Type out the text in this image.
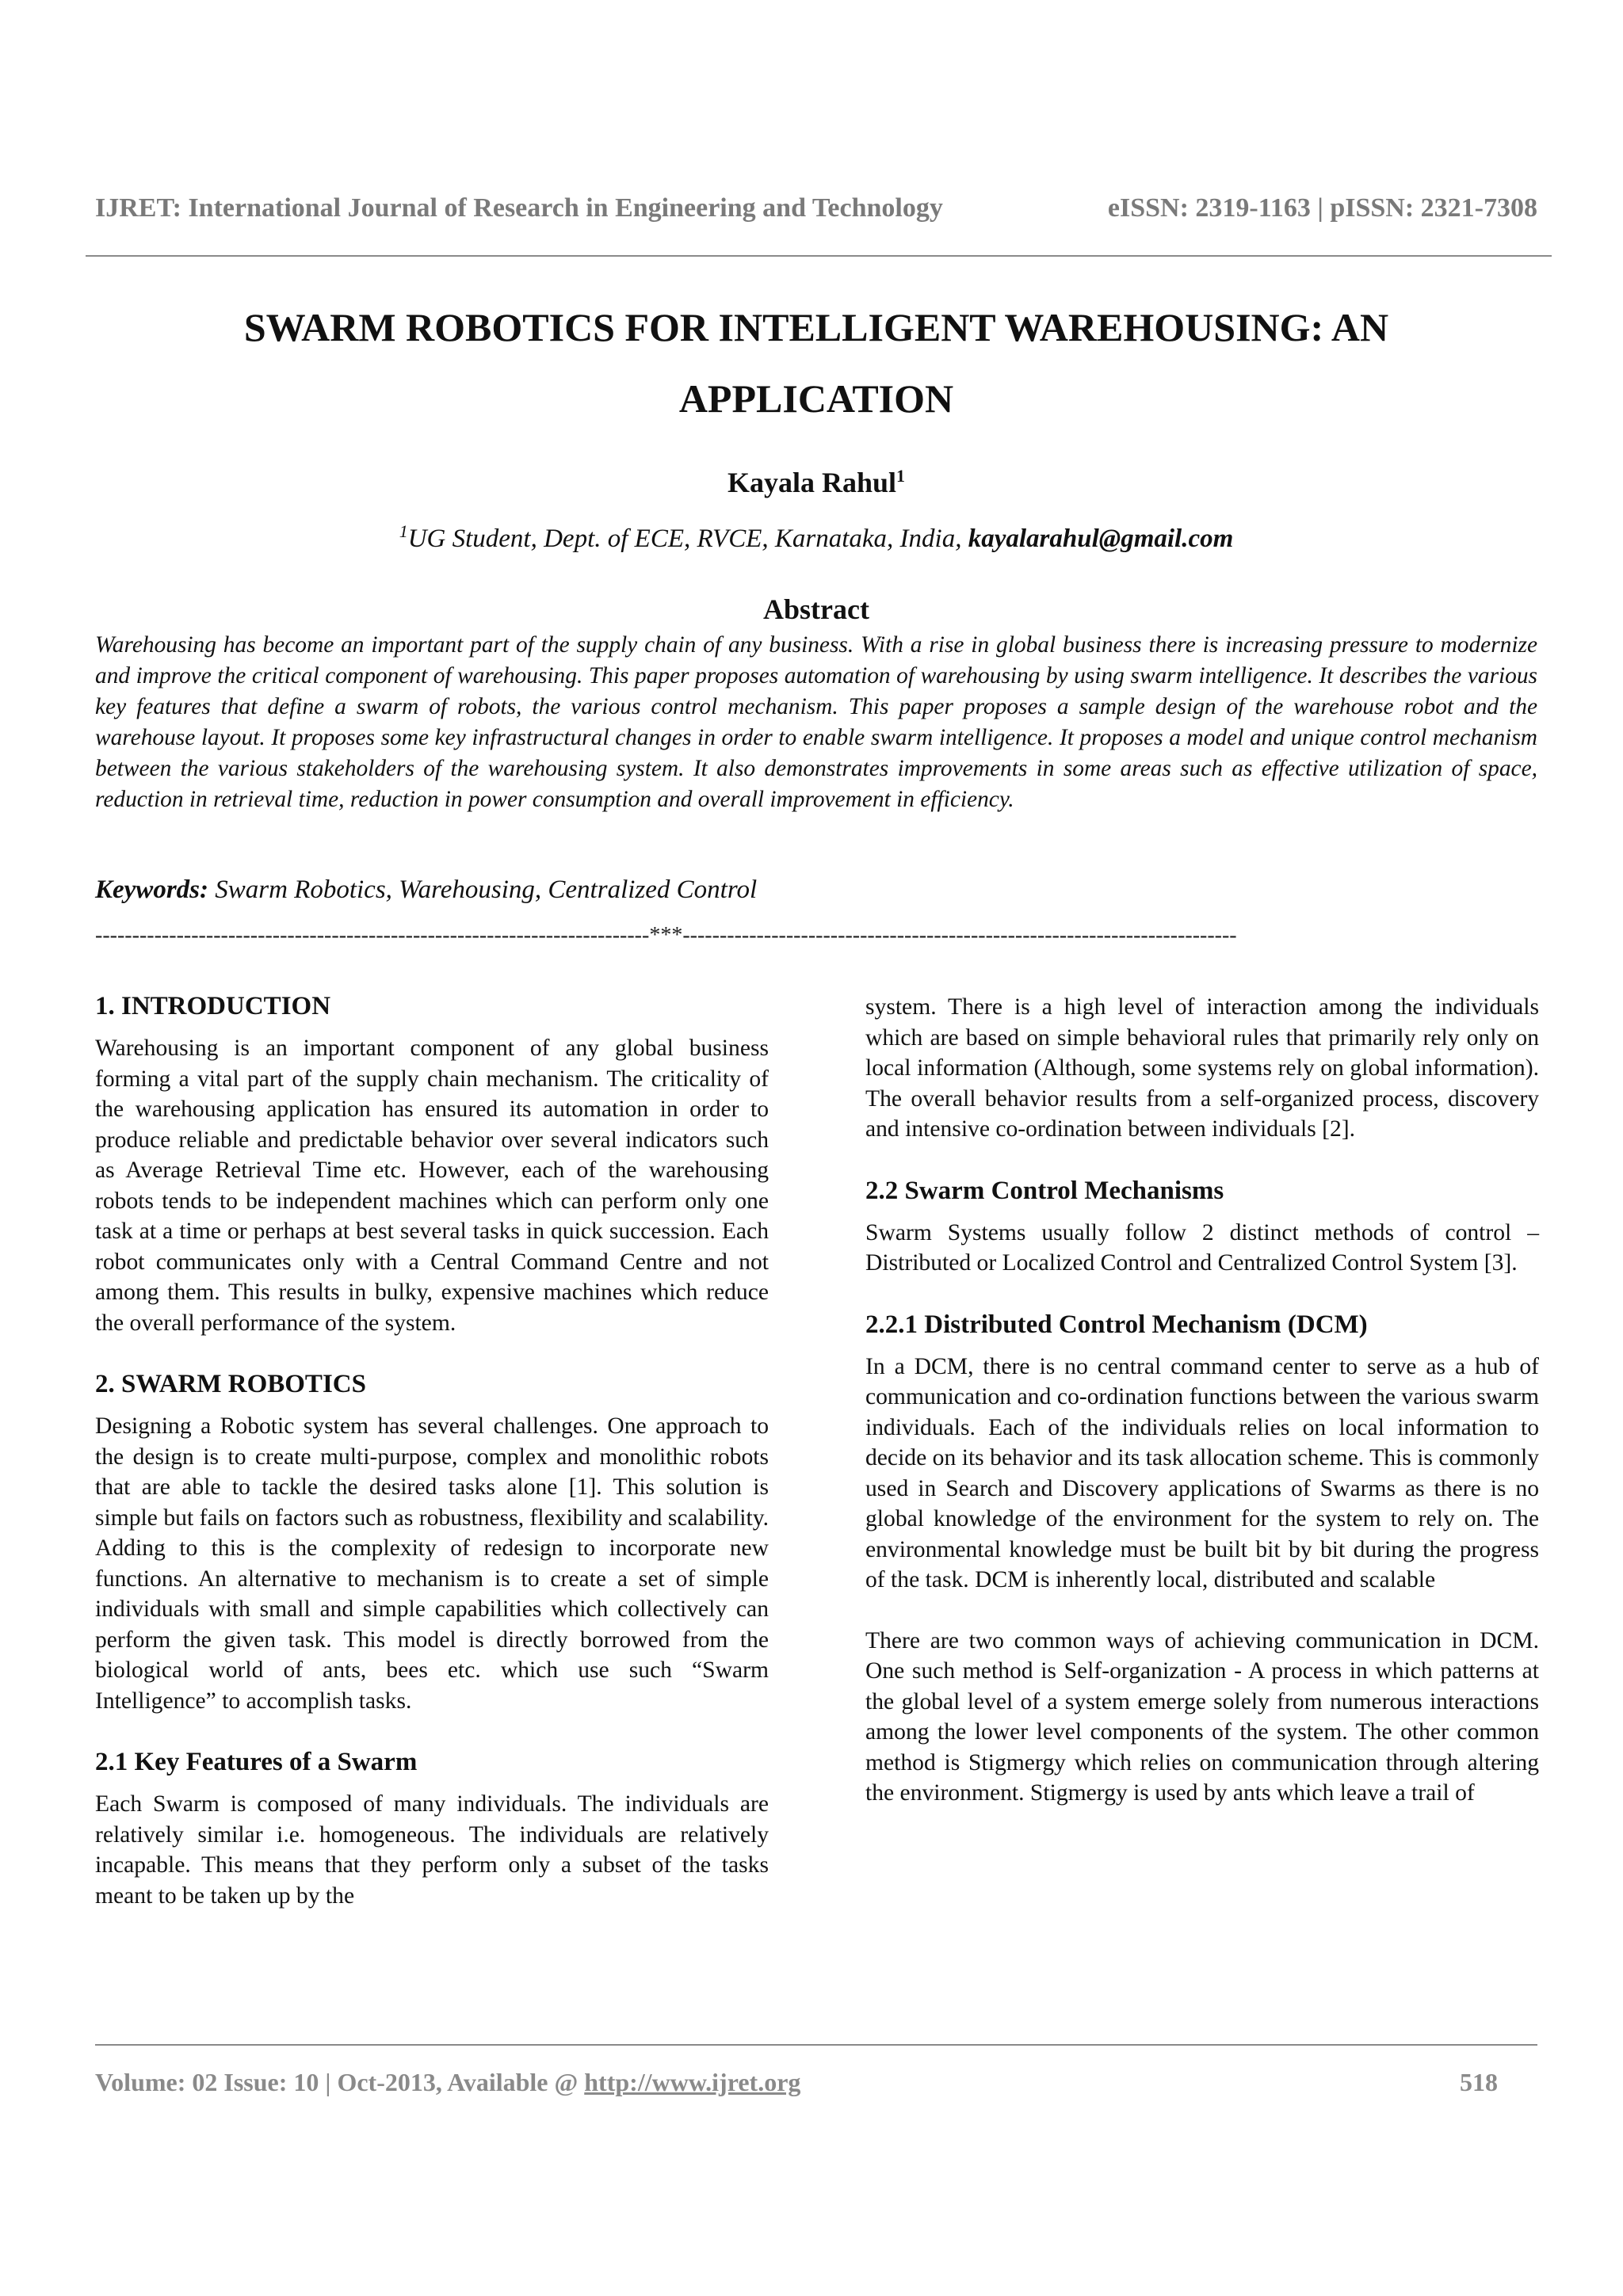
IJRET: International Journal of Research in Engineering and Technology	eISSN: 2319-1163 | pISSN: 2321-7308
SWARM ROBOTICS FOR INTELLIGENT WAREHOUSING: AN
APPLICATION
Kayala Rahul$^1$
$^1$UG Student, Dept. of ECE, RVCE, Karnataka, India, kayalarahul@gmail.com
Abstract
Warehousing has become an important part of the supply chain of any business. With a rise in global business there is increasing pressure to modernize and improve the critical component of warehousing. This paper proposes automation of warehousing by using swarm intelligence. It describes the various key features that define a swarm of robots, the various control mechanism. This paper proposes a sample design of the warehouse robot and the warehouse layout. It proposes some key infrastructural changes in order to enable swarm intelligence. It proposes a model and unique control mechanism between the various stakeholders of the warehousing system. It also demonstrates improvements in some areas such as effective utilization of space, reduction in retrieval time, reduction in power consumption and overall improvement in efficiency.
Keywords: Swarm Robotics, Warehousing, Centralized Control
---------------------------------------------------------------------------***---------------------------------------------------------------------------
1. INTRODUCTION

Warehousing is an important component of any global business forming a vital part of the supply chain mechanism. The criticality of the warehousing application has ensured its automation in order to produce reliable and predictable behavior over several indicators such as Average Retrieval Time etc. However, each of the warehousing robots tends to be independent machines which can perform only one task at a time or perhaps at best several tasks in quick succession. Each robot communicates only with a Central Command Centre and not among them. This results in bulky, expensive machines which reduce the overall performance of the system.

2. SWARM ROBOTICS

Designing a Robotic system has several challenges. One approach to the design is to create multi-purpose, complex and monolithic robots that are able to tackle the desired tasks alone [1]. This solution is simple but fails on factors such as robustness, flexibility and scalability. Adding to this is the complexity of redesign to incorporate new functions. An alternative to mechanism is to create a set of simple individuals with small and simple capabilities which collectively can perform the given task. This model is directly borrowed from the biological world of ants, bees etc. which use such “Swarm Intelligence” to accomplish tasks.

2.1 Key Features of a Swarm

Each Swarm is composed of many individuals. The individuals are relatively similar i.e. homogeneous. The individuals are relatively incapable. This means that they perform only a subset of the tasks meant to be taken up by the

system. There is a high level of interaction among the individuals which are based on simple behavioral rules that primarily rely only on local information (Although, some systems rely on global information). The overall behavior results from a self-organized process, discovery and intensive co-ordination between individuals [2].

2.2 Swarm Control Mechanisms

Swarm Systems usually follow 2 distinct methods of control – Distributed or Localized Control and Centralized Control System [3].

2.2.1 Distributed Control Mechanism (DCM)

In a DCM, there is no central command center to serve as a hub of communication and co-ordination functions between the various swarm individuals. Each of the individuals relies on local information to decide on its behavior and its task allocation scheme. This is commonly used in Search and Discovery applications of Swarms as there is no global knowledge of the environment for the system to rely on. The environmental knowledge must be built bit by bit during the progress of the task. DCM is inherently local, distributed and scalable

There are two common ways of achieving communication in DCM. One such method is Self-organization - A process in which patterns at the global level of a system emerge solely from numerous interactions among the lower level components of the system. The other common method is Stigmergy which relies on communication through altering the environment. Stigmergy is used by ants which leave a trail of

Volume: 02 Issue: 10 | Oct-2013, Available @ http://www.ijret.org	518
